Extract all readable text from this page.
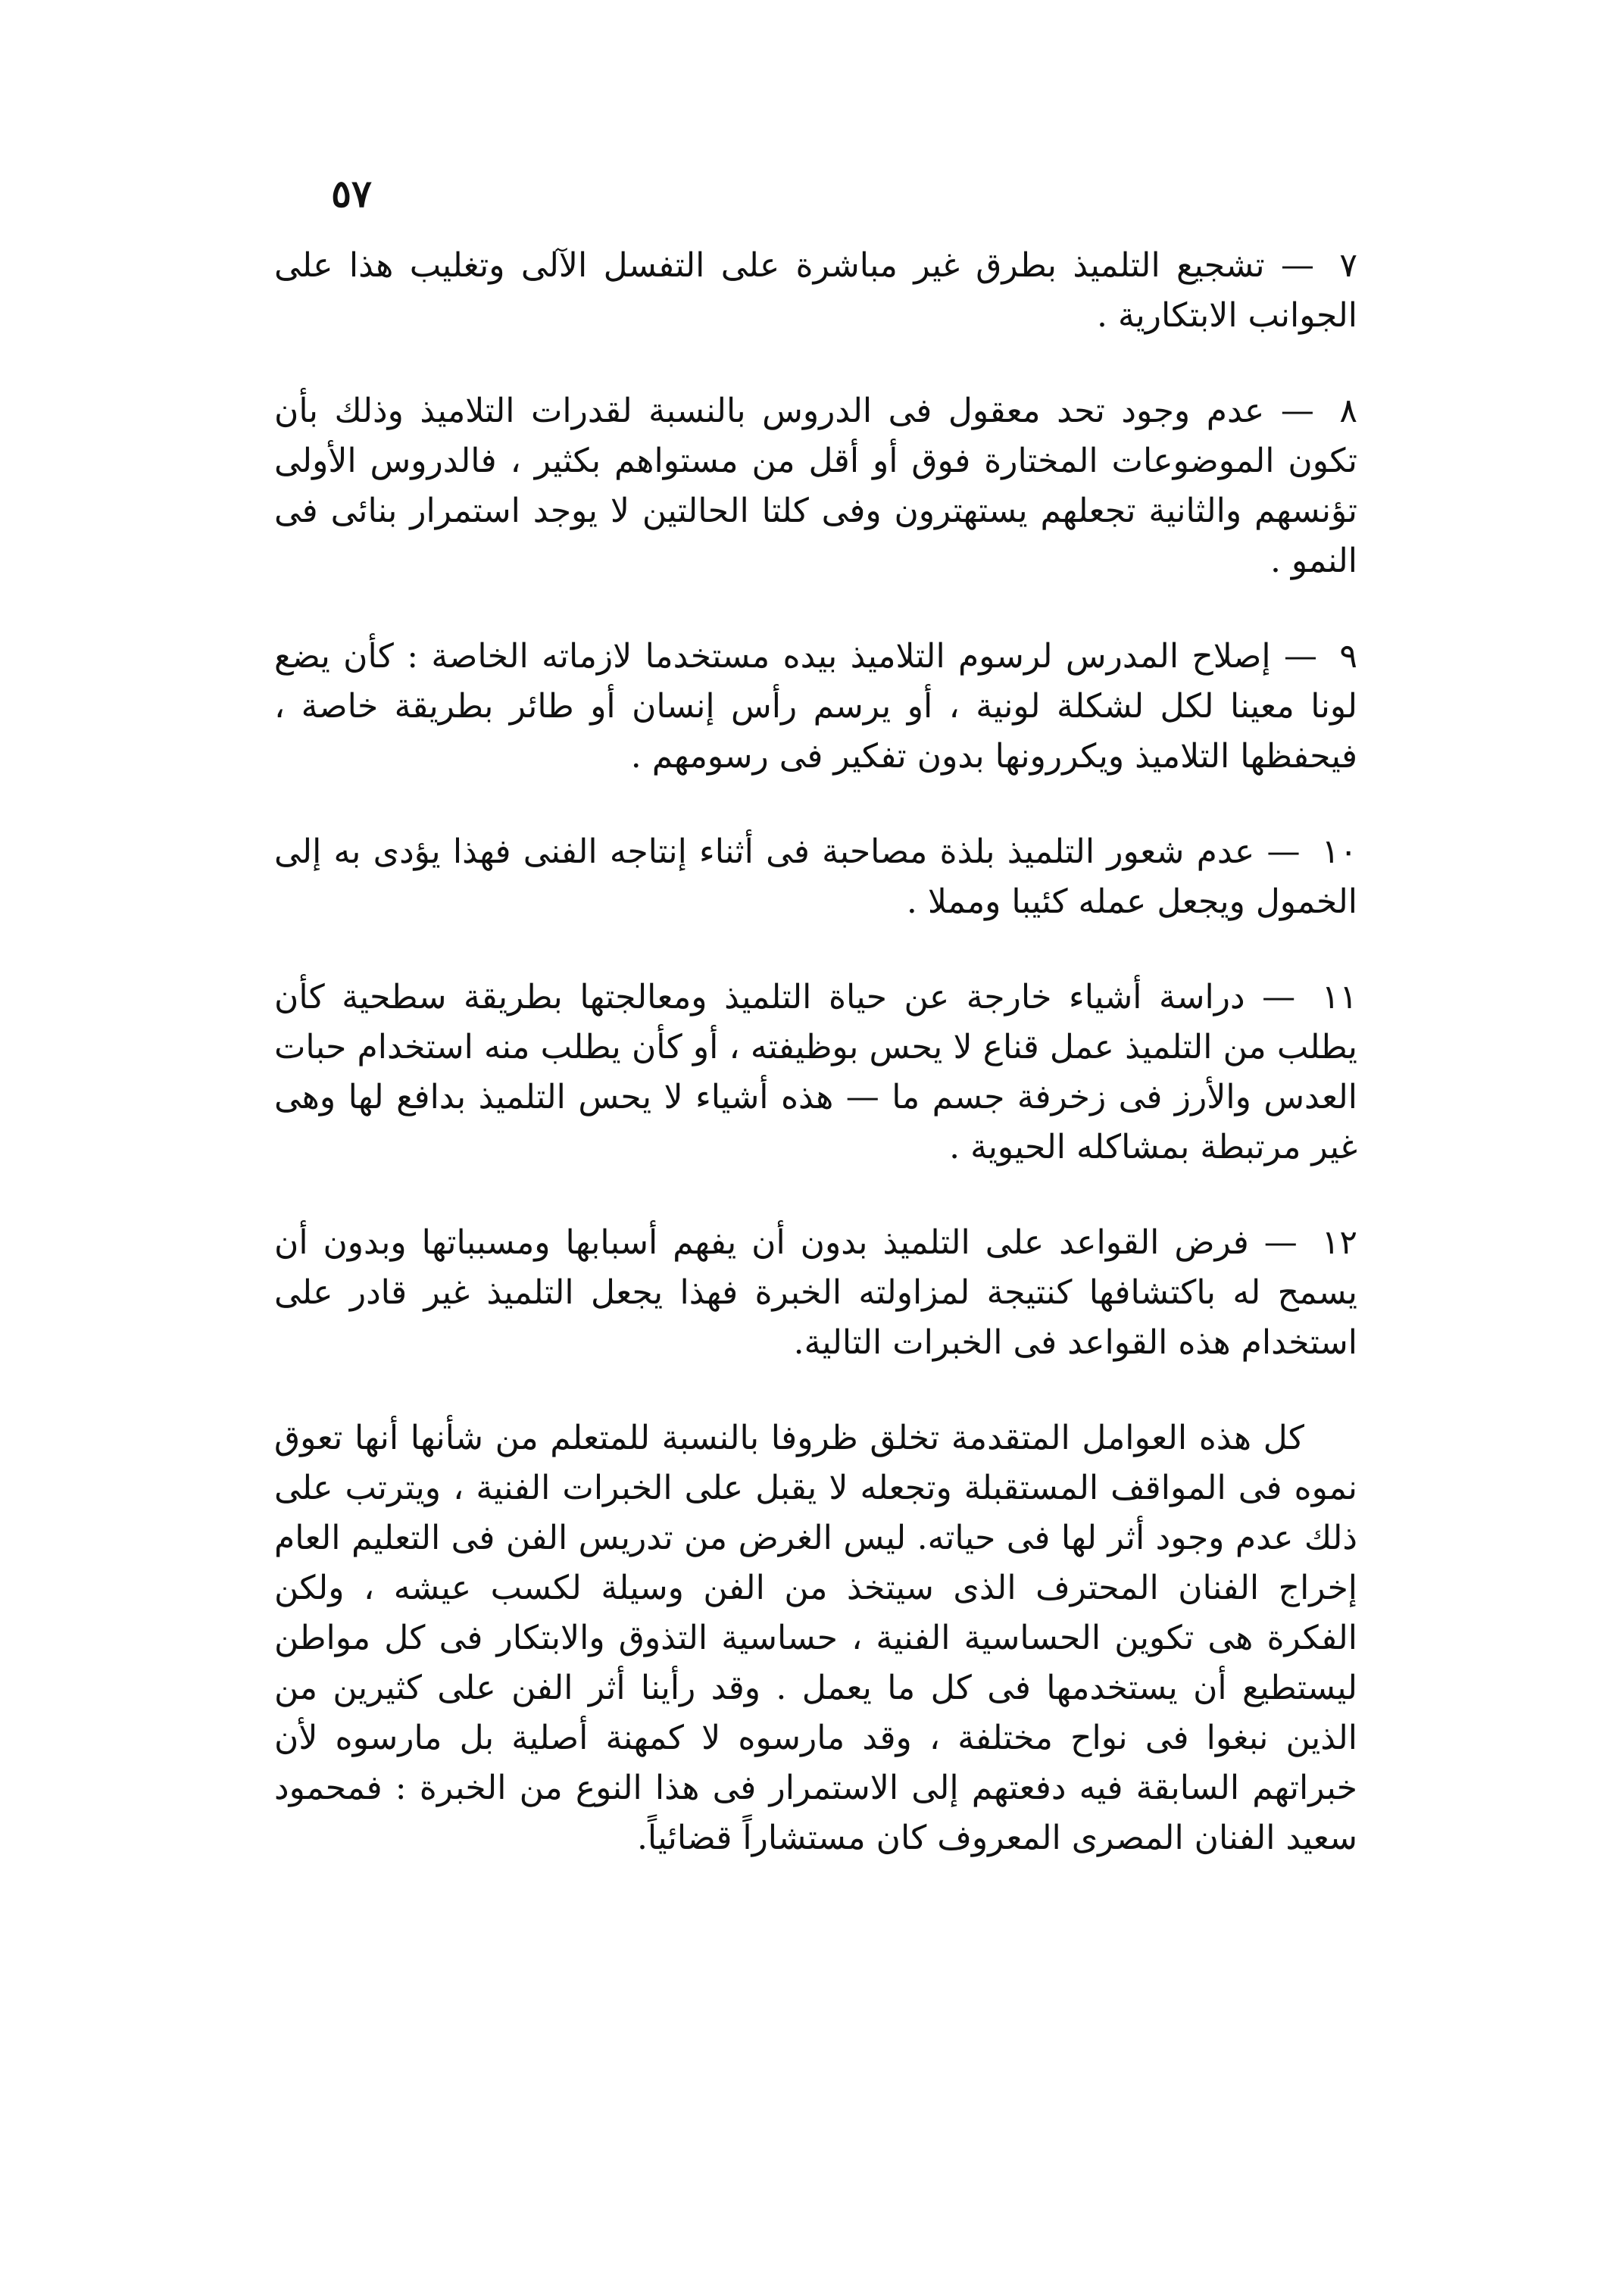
٥٧

٧ — تشجيع التلميذ بطرق غير مباشرة على التفسل الآلى وتغليب هذا على الجوانب الابتكارية .

٨ — عدم وجود تحد معقول فى الدروس بالنسبة لقدرات التلاميذ وذلك بأن تكون الموضوعات المختارة فوق أو أقل من مستواهم بكثير ، فالدروس الأولى تؤنسهم والثانية تجعلهم يستهترون وفى كلتا الحالتين لا يوجد استمرار بنائى فى النمو .

٩ — إصلاح المدرس لرسوم التلاميذ بيده مستخدما لازماته الخاصة : كأن يضع لونا معينا لكل لشكلة لونية ، أو يرسم رأس إنسان أو طائر بطريقة خاصة ، فيحفظها التلاميذ ويكررونها بدون تفكير فى رسومهم .

١٠ — عدم شعور التلميذ بلذة مصاحبة فى أثناء إنتاجه الفنى فهذا يؤدى به إلى الخمول ويجعل عمله كئيبا ومملا .

١١ — دراسة أشياء خارجة عن حياة التلميذ ومعالجتها بطريقة سطحية كأن يطلب من التلميذ عمل قناع لا يحس بوظيفته ، أو كأن يطلب منه استخدام حبات العدس والأرز فى زخرفة جسم ما — هذه أشياء لا يحس التلميذ بدافع لها وهى غير مرتبطة بمشاكله الحيوية .

١٢ — فرض القواعد على التلميذ بدون أن يفهم أسبابها ومسبباتها وبدون أن يسمح له باكتشافها كنتيجة لمزاولته الخبرة فهذا يجعل التلميذ غير قادر على استخدام هذه القواعد فى الخبرات التالية.

كل هذه العوامل المتقدمة تخلق ظروفا بالنسبة للمتعلم من شأنها أنها تعوق نموه فى المواقف المستقبلة وتجعله لا يقبل على الخبرات الفنية ، ويترتب على ذلك عدم وجود أثر لها فى حياته. ليس الغرض من تدريس الفن فى التعليم العام إخراج الفنان المحترف الذى سيتخذ من الفن وسيلة لكسب عيشه ، ولكن الفكرة هى تكوين الحساسية الفنية ، حساسية التذوق والابتكار فى كل مواطن ليستطيع أن يستخدمها فى كل ما يعمل . وقد رأينا أثر الفن على كثيرين من الذين نبغوا فى نواح مختلفة ، وقد مارسوه لا كمهنة أصلية بل مارسوه لأن خبراتهم السابقة فيه دفعتهم إلى الاستمرار فى هذا النوع من الخبرة : فمحمود سعيد الفنان المصرى المعروف كان مستشاراً قضائياً.
